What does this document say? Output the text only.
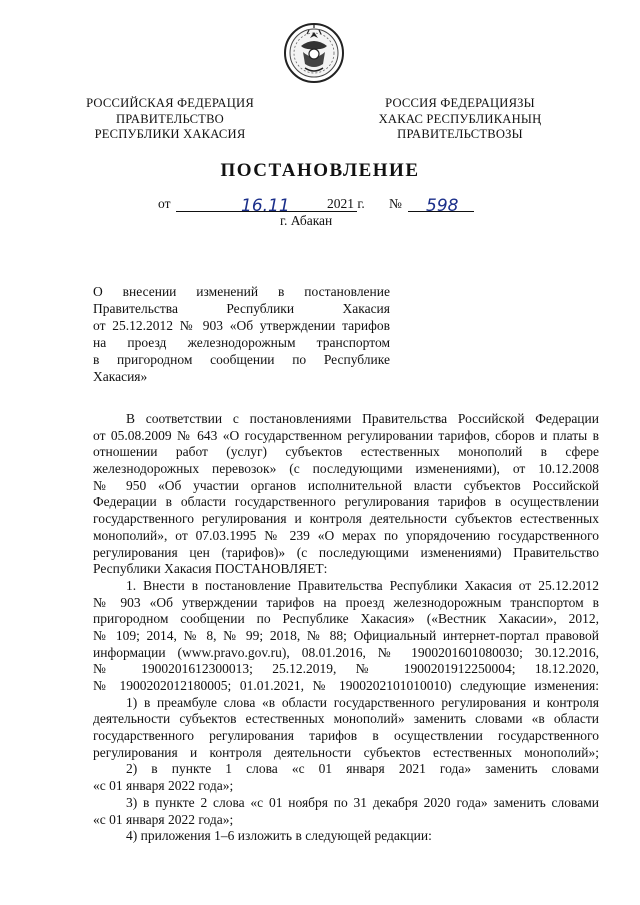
РОССИЙСКАЯ ФЕДЕРАЦИЯ
ПРАВИТЕЛЬСТВО
РЕСПУБЛИКИ ХАКАСИЯ
РОССИЯ ФЕДЕРАЦИЯЗЫ
ХАКАС РЕСПУБЛИКАНЫҢ
ПРАВИТЕЛЬСТВОЗЫ
ПОСТАНОВЛЕНИЕ
от	16.11	2021 г. № 598
г. Абакан
О внесении изменений в постановление
Правительства Республики Хакасия
от 25.12.2012 № 903 «Об утверждении тарифов
на проезд железнодорожным транспортом
в пригородном сообщении по Республике
Хакасия»
В соответствии с постановлениями Правительства Российской Федерации
от 05.08.2009 № 643 «О государственном регулировании тарифов, сборов и платы в
отношении работ (услуг) субъектов естественных монополий в сфере
железнодорожных перевозок» (с последующими изменениями), от 10.12.2008
№ 950 «Об участии органов исполнительной власти субъектов Российской
Федерации в области государственного регулирования тарифов в осуществлении
государственного регулирования и контроля деятельности субъектов естественных
монополий», от 07.03.1995 № 239 «О мерах по упорядочению государственного
регулирования цен (тарифов)» (с последующими изменениями) Правительство
Республики Хакасия ПОСТАНОВЛЯЕТ:
1. Внести в постановление Правительства Республики Хакасия от 25.12.2012
№ 903 «Об утверждении тарифов на проезд железнодорожным транспортом в
пригородном сообщении по Республике Хакасия» («Вестник Хакасии», 2012,
№ 109; 2014, № 8, № 99; 2018, № 88; Официальный интернет-портал правовой
информации (www.pravo.gov.ru), 08.01.2016, № 1900201601080030; 30.12.2016,
№ 1900201612300013; 25.12.2019, № 1900201912250004; 18.12.2020,
№ 1900202012180005; 01.01.2021, № 1900202101010010) следующие изменения:
1) в преамбуле слова «в области государственного регулирования и контроля
деятельности субъектов естественных монополий» заменить словами «в области
государственного регулирования тарифов в осуществлении государственного
регулирования и контроля деятельности субъектов естественных монополий»;
2) в пункте 1 слова «с 01 января 2021 года» заменить словами
«с 01 января 2022 года»;
3) в пункте 2 слова «с 01 ноября по 31 декабря 2020 года» заменить словами
«с 01 января 2022 года»;
4) приложения 1–6 изложить в следующей редакции:
